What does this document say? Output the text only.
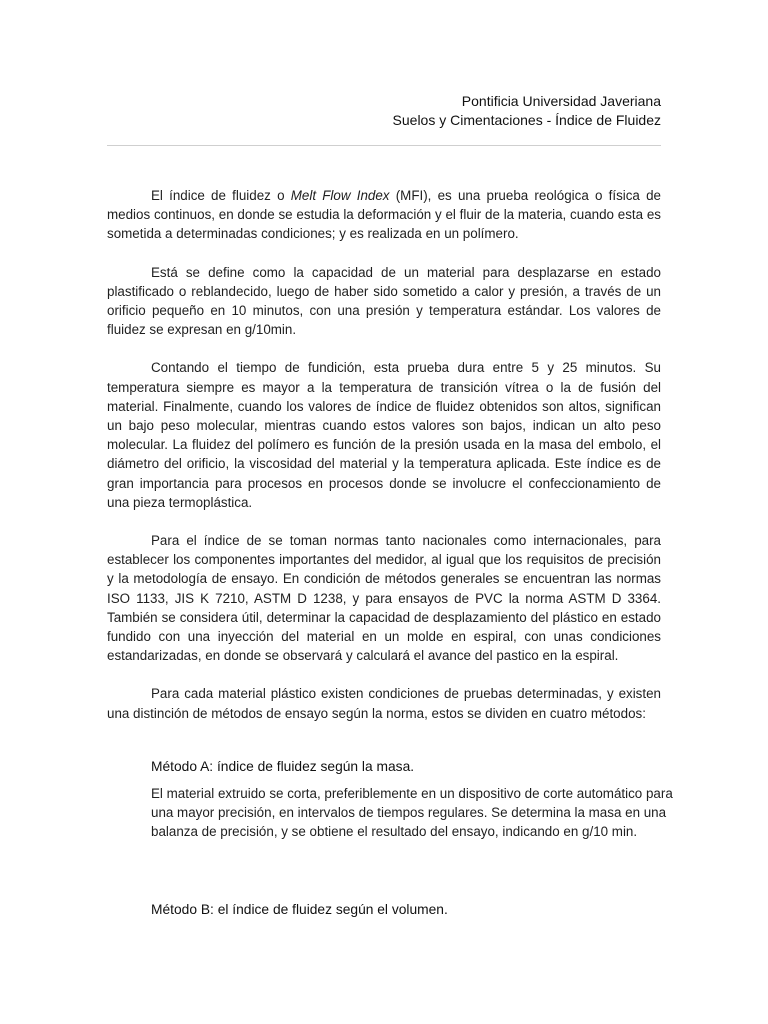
Pontificia Universidad Javeriana
Suelos y Cimentaciones - Índice de Fluidez

El índice de fluidez o Melt Flow Index (MFI), es una prueba reológica o física de medios continuos, en donde se estudia la deformación y el fluir de la materia, cuando esta es sometida a determinadas condiciones; y es realizada en un polímero.

Está se define como la capacidad de un material para desplazarse en estado plastificado o reblandecido, luego de haber sido sometido a calor y presión, a través de un orificio pequeño en 10 minutos, con una presión y temperatura estándar. Los valores de fluidez se expresan en g/10min.

Contando el tiempo de fundición, esta prueba dura entre 5 y 25 minutos. Su temperatura siempre es mayor a la temperatura de transición vítrea o la de fusión del material. Finalmente, cuando los valores de índice de fluidez obtenidos son altos, significan un bajo peso molecular, mientras cuando estos valores son bajos, indican un alto peso molecular. La fluidez del polímero es función de la presión usada en la masa del embolo, el diámetro del orificio, la viscosidad del material y la temperatura aplicada. Este índice es de gran importancia para procesos en procesos donde se involucre el confeccionamiento de una pieza termoplástica.

Para el índice de se toman normas tanto nacionales como internacionales, para establecer los componentes importantes del medidor, al igual que los requisitos de precisión y la metodología de ensayo. En condición de métodos generales se encuentran las normas ISO 1133, JIS K 7210, ASTM D 1238, y para ensayos de PVC la norma ASTM D 3364. También se considera útil, determinar la capacidad de desplazamiento del plástico en estado fundido con una inyección del material en un molde en espiral, con unas condiciones estandarizadas, en donde se observará y calculará el avance del pastico en la espiral.

Para cada material plástico existen condiciones de pruebas determinadas, y existen una distinción de métodos de ensayo según la norma, estos se dividen en cuatro métodos:

Método A: índice de fluidez según la masa.

El material extruido se corta, preferiblemente en un dispositivo de corte automático para una mayor precisión, en intervalos de tiempos regulares. Se determina la masa en una balanza de precisión, y se obtiene el resultado del ensayo, indicando en g/10 min.

Método B: el índice de fluidez según el volumen.
